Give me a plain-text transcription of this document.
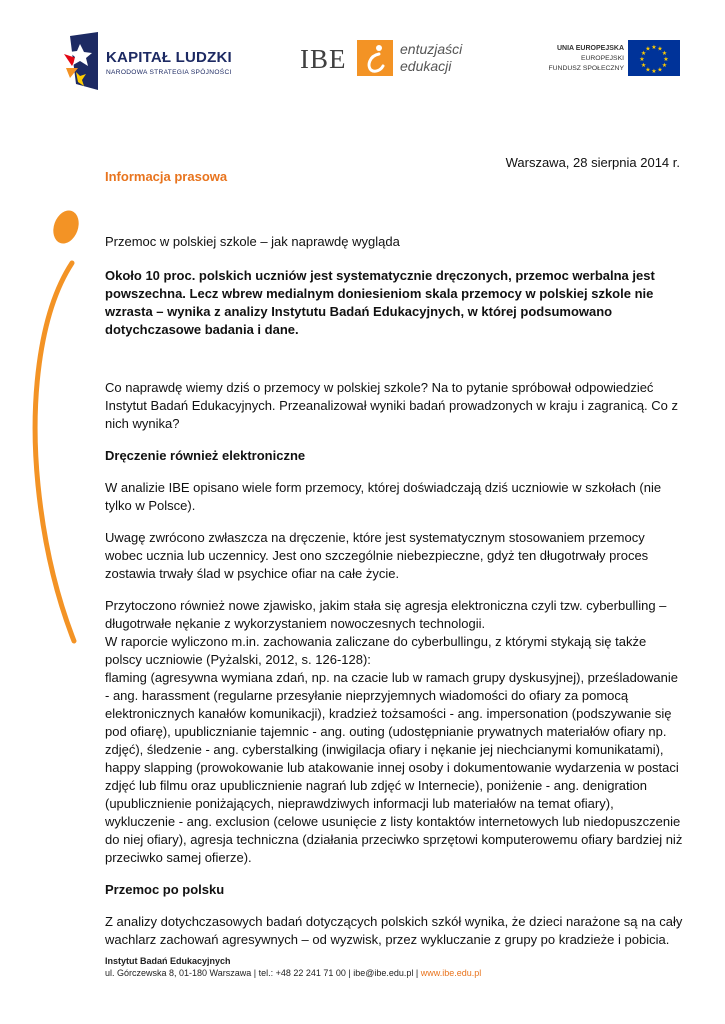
KAPITAŁ LUDZKI
NARODOWA STRATEGIA SPÓJNOŚCI	IBE	entuzjaści
edukacji
UNIA EUROPEJSKA
EUROPEJSKI
FUNDUSZ SPOŁECZNY
★ ★
★
★
★
★
★
★
★
★
★
★
Warszawa, 28 sierpnia 2014 r.
Informacja prasowa

Przemoc w polskiej szkole – jak naprawdę wygląda

Około 10 proc. polskich uczniów jest systematycznie dręczonych, przemoc werbalna jest powszechna. Lecz wbrew medialnym doniesieniom skala przemocy w polskiej szkole nie wzrasta – wynika z analizy Instytutu Badań Edukacyjnych, w której podsumowano dotychczasowe badania i dane.

Co naprawdę wiemy dziś o przemocy w polskiej szkole? Na to pytanie spróbował odpowiedzieć Instytut Badań Edukacyjnych. Przeanalizował wyniki badań prowadzonych w kraju i zagranicą. Co z nich wynika?

Dręczenie również elektroniczne

W analizie IBE opisano wiele form przemocy, której doświadczają dziś uczniowie w szkołach (nie tylko w Polsce).

Uwagę zwrócono zwłaszcza na dręczenie, które jest systematycznym stosowaniem przemocy wobec ucznia lub uczennicy. Jest ono szczególnie niebezpieczne, gdyż ten długotrwały proces zostawia trwały ślad w psychice ofiar na całe życie.

Przytoczono również nowe zjawisko, jakim stała się agresja elektroniczna czyli tzw. cyberbulling – długotrwałe nękanie z wykorzystaniem nowoczesnych technologii.

W raporcie wyliczono m.in. zachowania zaliczane do cyberbullingu, z którymi stykają się także polscy uczniowie (Pyżalski, 2012, s. 126-128):

flaming (agresywna wymiana zdań, np. na czacie lub w ramach grupy dyskusyjnej), prześladowanie - ang. harassment (regularne przesyłanie nieprzyjemnych wiadomości do ofiary za pomocą elektronicznych kanałów komunikacji), kradzież tożsamości - ang. impersonation (podszywanie się pod ofiarę), upublicznianie tajemnic - ang. outing (udostępnianie prywatnych materiałów ofiary np. zdjęć), śledzenie - ang. cyberstalking (inwigilacja ofiary i nękanie jej niechcianymi komunikatami), happy slapping (prowokowanie lub atakowanie innej osoby i dokumentowanie wydarzenia w postaci zdjęć lub filmu oraz upublicznienie nagrań lub zdjęć w Internecie), poniżenie - ang. denigration (upublicznienie poniżających, nieprawdziwych informacji lub materiałów na temat ofiary), wykluczenie - ang. exclusion (celowe usunięcie z listy kontaktów internetowych lub niedopuszczenie do niej ofiary), agresja techniczna (działania przeciwko sprzętowi komputerowemu ofiary bardziej niż przeciwko samej ofierze).

Przemoc po polsku

Z analizy dotychczasowych badań dotyczących polskich szkół wynika, że dzieci narażone są na cały wachlarz zachowań agresywnych – od wyzwisk, przez wykluczanie z grupy po kradzieże i pobicia.

Instytut Badań Edukacyjnych
ul. Górczewska 8, 01-180 Warszawa | tel.: +48 22 241 71 00 | ibe@ibe.edu.pl | www.ibe.edu.pl
